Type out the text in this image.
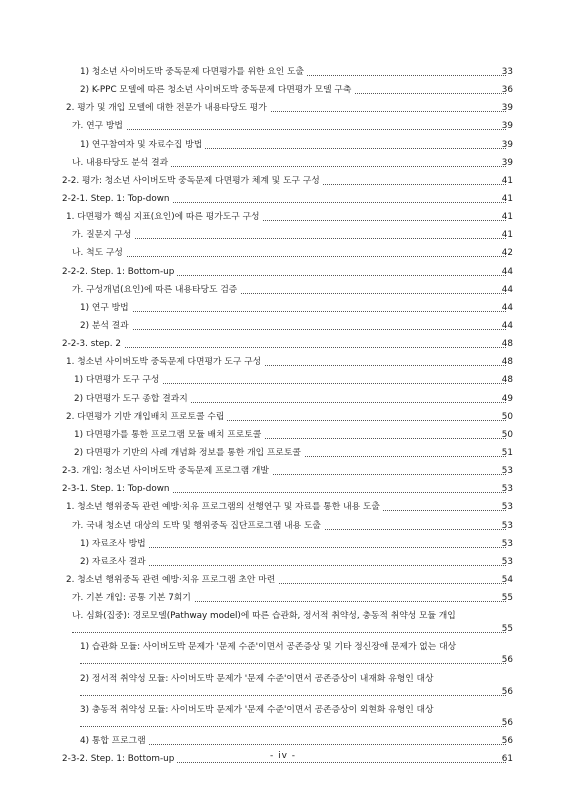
1) 청소년 사이버도박 중독문제 다면평가를 위한 요인 도출	33
2) K-PPC 모델에 따른 청소년 사이버도박 중독문제 다면평가 모델 구축	36
2. 평가 및 개입 모델에 대한 전문가 내용타당도 평가	39
가. 연구 방법	39
1) 연구참여자 및 자료수집 방법	39
나. 내용타당도 분석 결과	39
2-2. 평가: 청소년 사이버도박 중독문제 다면평가 체계 및 도구 구성	41
2-2-1. Step. 1: Top-down	41
1. 다면평가 핵심 지표(요인)에 따른 평가도구 구성	41
가. 질문지 구성	41
나. 척도 구성	42
2-2-2. Step. 1: Bottom-up	44
가. 구성개념(요인)에 따른 내용타당도 검증	44
1) 연구 방법	44
2) 분석 결과	44
2-2-3. step. 2	48
1. 청소년 사이버도박 중독문제 다면평가 도구 구성	48
1) 다면평가 도구 구성	48
2) 다면평가 도구 종합 결과지	49
2. 다면평가 기반 개입배치 프로토콜 수립	50
1) 다면평가를 통한 프로그램 모듈 배치 프로토콜	50
2) 다면평가 기반의 사례 개념화 정보를 통한 개입 프로토콜	51
2-3. 개입: 청소년 사이버도박 중독문제 프로그램 개발	53
2-3-1. Step. 1: Top-down	53
1. 청소년 행위중독 관련 예방·치유 프로그램의 선행연구 및 자료를 통한 내용 도출	53
가. 국내 청소년 대상의 도박 및 행위중독 집단프로그램 내용 도출	53
1) 자료조사 방법	53
2) 자료조사 결과	53
2. 청소년 행위중독 관련 예방·치유 프로그램 초안 마련	54
가. 기본 개입: 공통 기본 7회기	55
나. 심화(집중): 경로모델(Pathway model)에 따른 습관화, 정서적 취약성, 충동적 취약성 모듈 개입
55
1) 습관화 모듈: 사이버도박 문제가 '문제 수준'이면서 공존증상 및 기타 정신장애 문제가 없는 대상
56
2) 정서적 취약성 모듈: 사이버도박 문제가 '문제 수준'이면서 공존증상이 내재화 유형인 대상
56
3) 충동적 취약성 모듈: 사이버도박 문제가 '문제 수준'이면서 공존증상이 외현화 유형인 대상
56
4) 통합 프로그램	56
2-3-2. Step. 1: Bottom-up	61
- iv -
